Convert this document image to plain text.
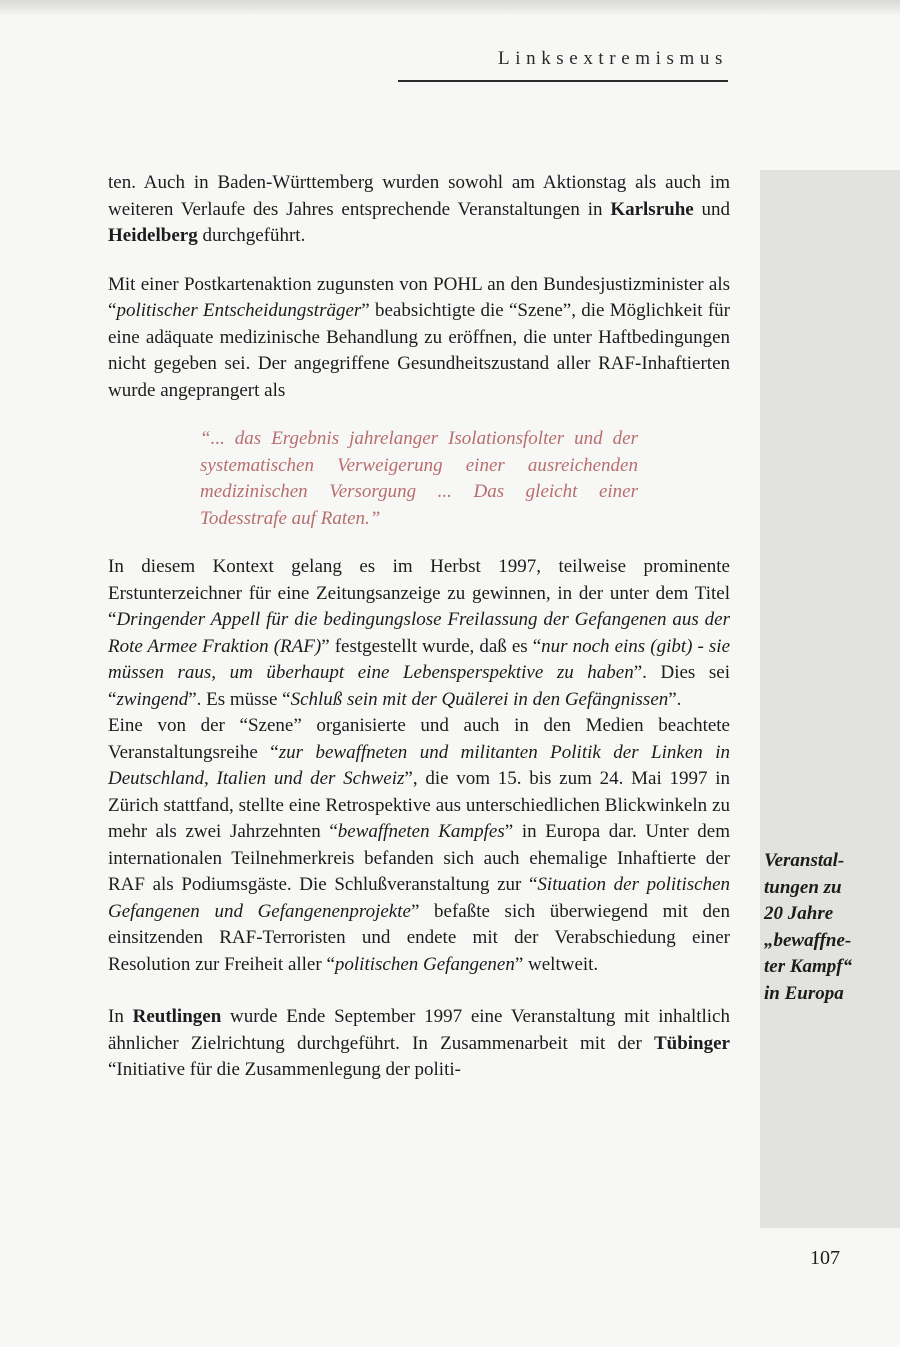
Linksextremismus

ten. Auch in Baden-Württemberg wurden sowohl am Aktionstag als auch im weiteren Verlaufe des Jahres entsprechende Veranstaltungen in Karlsruhe und Heidelberg durchgeführt.

Mit einer Postkartenaktion zugunsten von POHL an den Bundesjustizminister als “politischer Entscheidungsträger” beabsichtigte die “Szene”, die Möglichkeit für eine adäquate medizinische Behandlung zu eröffnen, die unter Haftbedingungen nicht gegeben sei. Der angegriffene Gesundheitszustand aller RAF-Inhaftierten wurde angeprangert als

“... das Ergebnis jahrelanger Isolationsfolter und der systematischen Verweigerung einer ausreichenden medizinischen Versorgung ... Das gleicht einer Todesstrafe auf Raten.”

In diesem Kontext gelang es im Herbst 1997, teilweise prominente Erstunterzeichner für eine Zeitungsanzeige zu gewinnen, in der unter dem Titel “Dringender Appell für die bedingungslose Freilassung der Gefangenen aus der Rote Armee Fraktion (RAF)” festgestellt wurde, daß es “nur noch eins (gibt) - sie müssen raus, um überhaupt eine Lebensperspektive zu haben”. Dies sei “zwingend”. Es müsse “Schluß sein mit der Quälerei in den Gefängnissen”.

Eine von der “Szene” organisierte und auch in den Medien beachtete Veranstaltungsreihe “zur bewaffneten und militanten Politik der Linken in Deutschland, Italien und der Schweiz”, die vom 15. bis zum 24. Mai 1997 in Zürich stattfand, stellte eine Retrospektive aus unterschiedlichen Blickwinkeln zu mehr als zwei Jahrzehnten “bewaffneten Kampfes” in Europa dar. Unter dem internationalen Teilnehmerkreis befanden sich auch ehemalige Inhaftierte der RAF als Podiumsgäste. Die Schlußveranstaltung zur “Situation der politischen Gefangenen und Gefangenenprojekte” befaßte sich überwiegend mit den einsitzenden RAF-Terroristen und endete mit der Verabschiedung einer Resolution zur Freiheit aller “politischen Gefangenen” weltweit.

In Reutlingen wurde Ende September 1997 eine Veranstaltung mit inhaltlich ähnlicher Zielrichtung durchgeführt. In Zusammenarbeit mit der Tübinger “Initiative für die Zusammenlegung der politi-

Veranstal-
tungen zu
20 Jahre
„bewaffne-
ter Kampf“
in Europa
107
